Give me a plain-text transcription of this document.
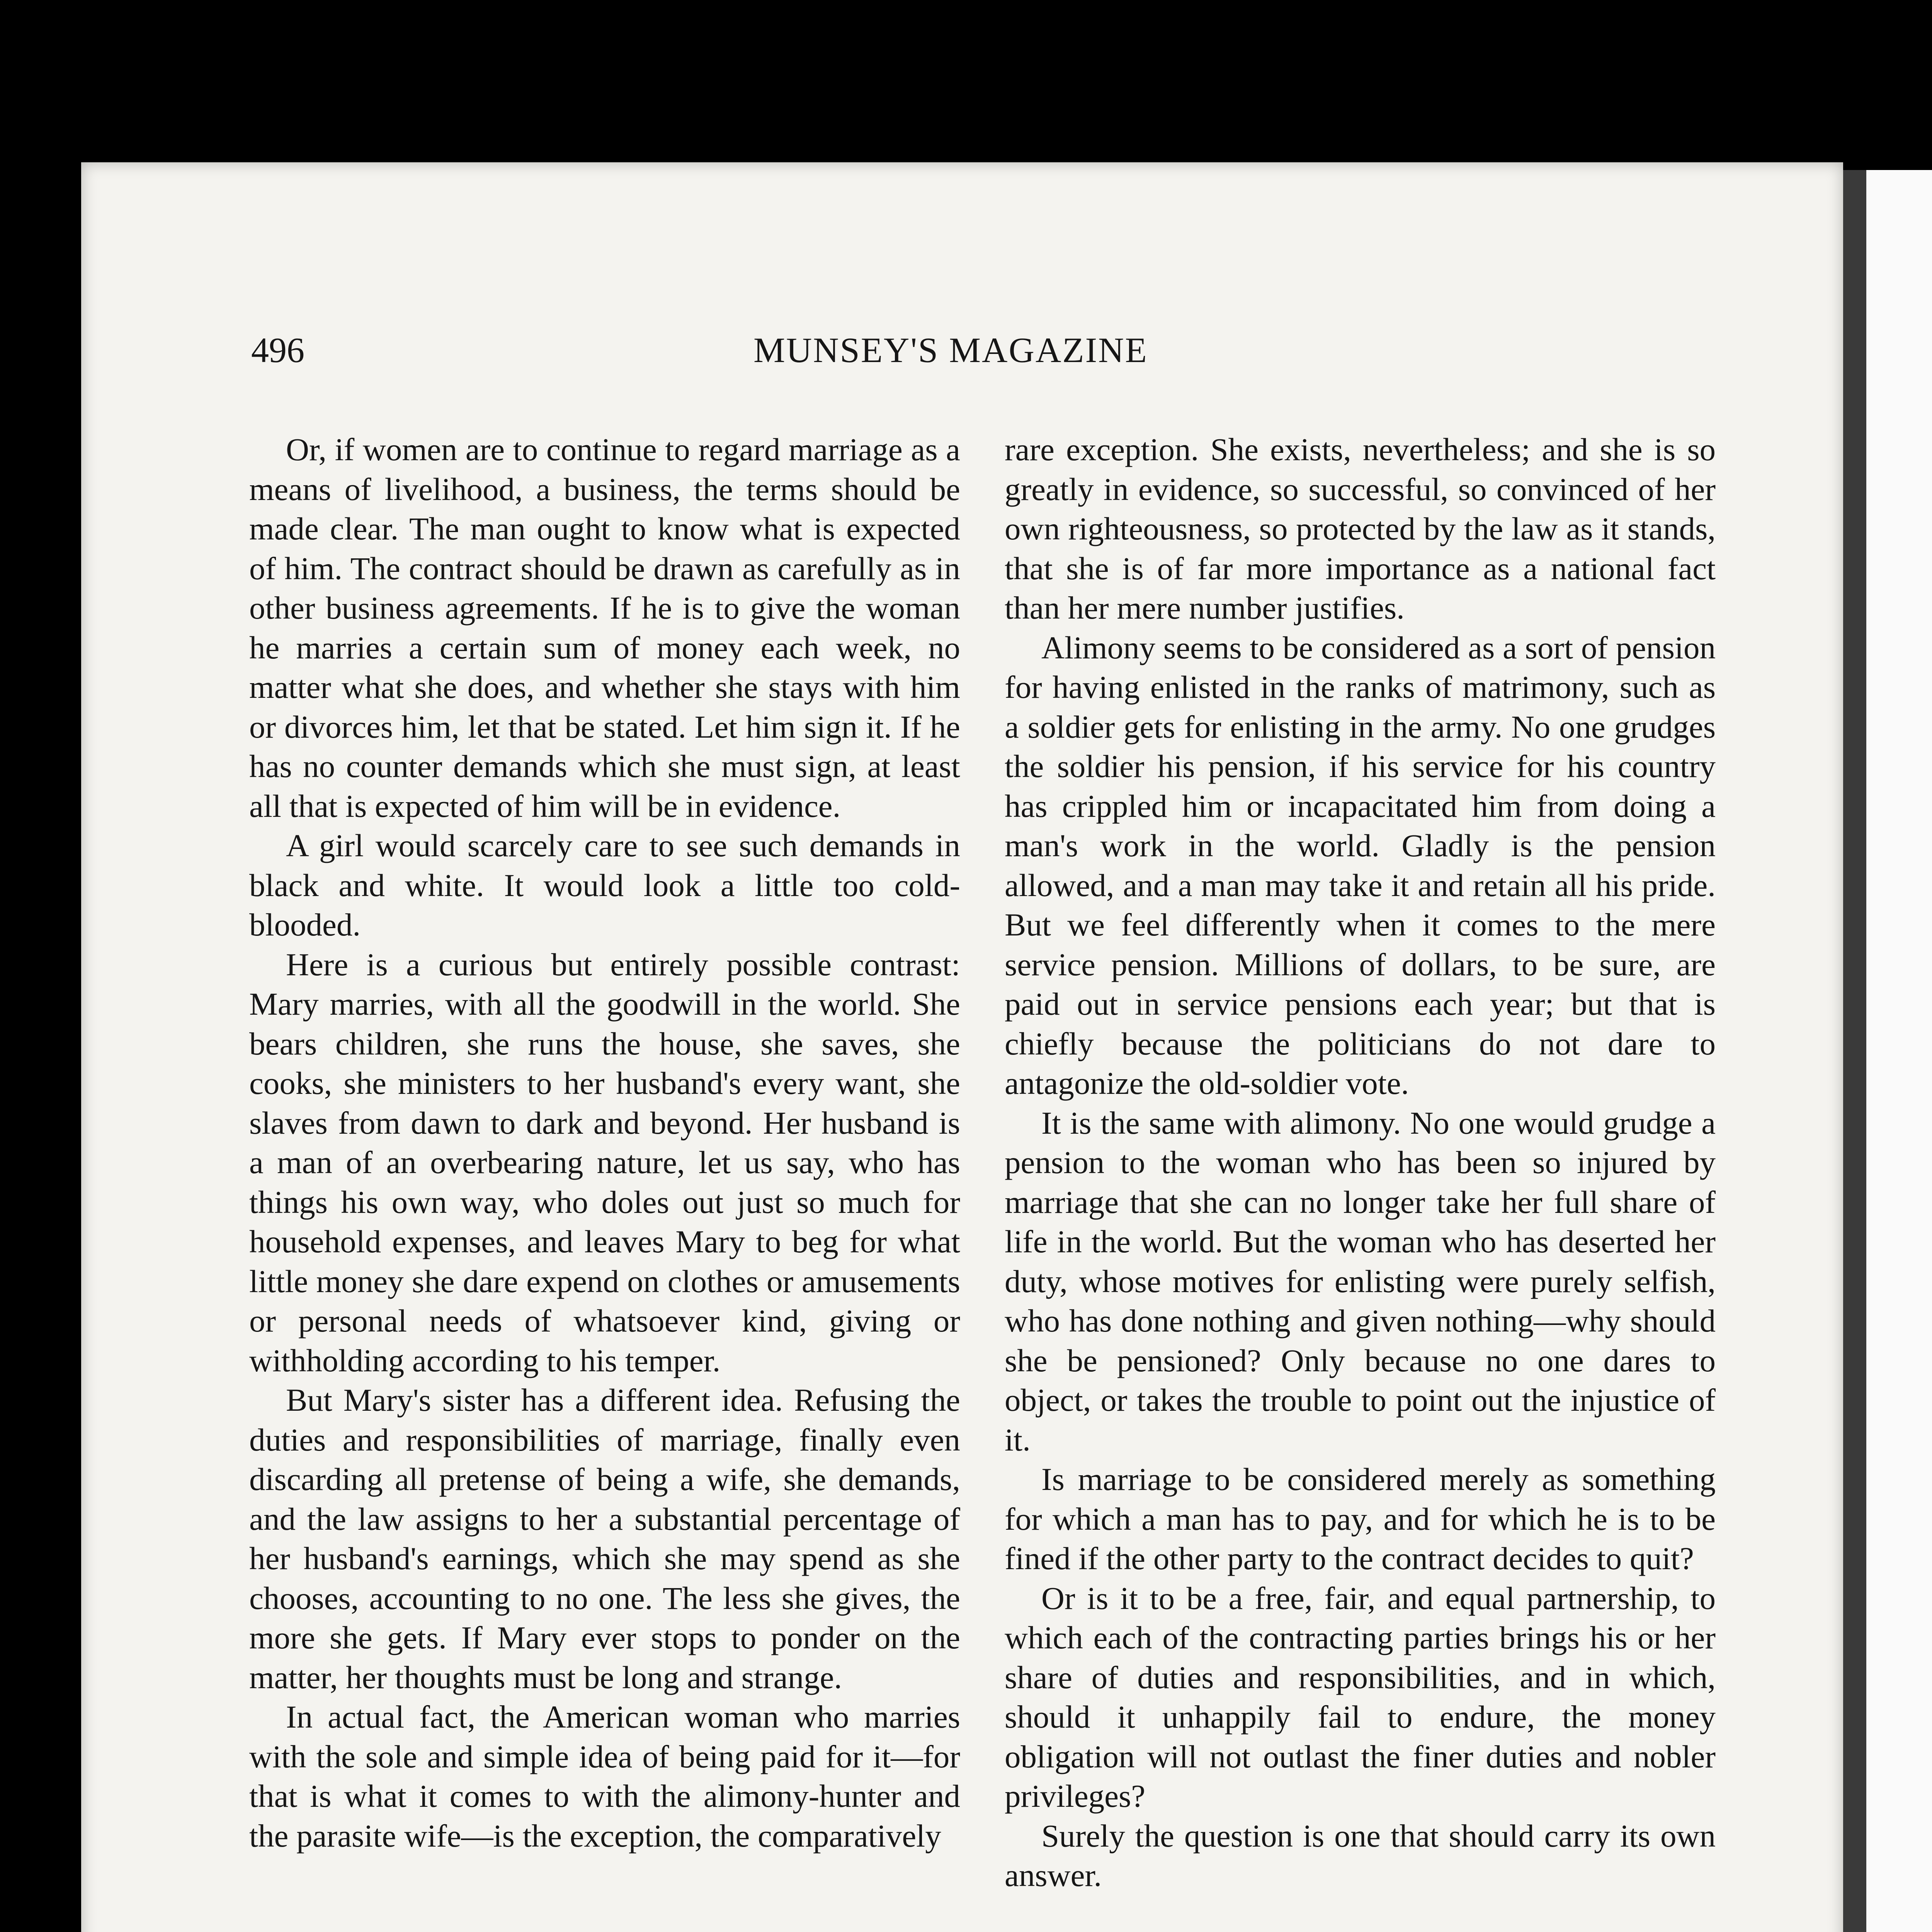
496	MUNSEY'S MAGAZINE

Or, if women are to continue to regard marriage as a means of livelihood, a business, the terms should be made clear. The man ought to know what is expected of him. The contract should be drawn as carefully as in other business agreements. If he is to give the woman he marries a certain sum of money each week, no matter what she does, and whether she stays with him or divorces him, let that be stated. Let him sign it. If he has no counter demands which she must sign, at least all that is expected of him will be in evidence.

A girl would scarcely care to see such demands in black and white. It would look a little too cold-blooded.

Here is a curious but entirely possible contrast: Mary marries, with all the goodwill in the world. She bears children, she runs the house, she saves, she cooks, she ministers to her husband's every want, she slaves from dawn to dark and beyond. Her husband is a man of an overbearing nature, let us say, who has things his own way, who doles out just so much for household expenses, and leaves Mary to beg for what little money she dare expend on clothes or amusements or personal needs of whatsoever kind, giving or withholding according to his temper.

But Mary's sister has a different idea. Refusing the duties and responsibilities of marriage, finally even discarding all pretense of being a wife, she demands, and the law assigns to her a substantial percentage of her husband's earnings, which she may spend as she chooses, accounting to no one. The less she gives, the more she gets. If Mary ever stops to ponder on the matter, her thoughts must be long and strange.

In actual fact, the American woman who marries with the sole and simple idea of being paid for it—for that is what it comes to with the alimony-hunter and the parasite wife—is the exception, the comparatively

rare exception. She exists, nevertheless; and she is so greatly in evidence, so successful, so convinced of her own righteousness, so protected by the law as it stands, that she is of far more importance as a national fact than her mere number justifies.

Alimony seems to be considered as a sort of pension for having enlisted in the ranks of matrimony, such as a soldier gets for enlisting in the army. No one grudges the soldier his pension, if his service for his country has crippled him or incapacitated him from doing a man's work in the world. Gladly is the pension allowed, and a man may take it and retain all his pride. But we feel differently when it comes to the mere service pension. Millions of dollars, to be sure, are paid out in service pensions each year; but that is chiefly because the politicians do not dare to antagonize the old-soldier vote.

It is the same with alimony. No one would grudge a pension to the woman who has been so injured by marriage that she can no longer take her full share of life in the world. But the woman who has deserted her duty, whose motives for enlisting were purely selfish, who has done nothing and given nothing—why should she be pensioned? Only because no one dares to object, or takes the trouble to point out the injustice of it.

Is marriage to be considered merely as something for which a man has to pay, and for which he is to be fined if the other party to the contract decides to quit?

Or is it to be a free, fair, and equal partnership, to which each of the contracting parties brings his or her share of duties and responsibilities, and in which, should it unhappily fail to endure, the money obligation will not outlast the finer duties and nobler privileges?

Surely the question is one that should carry its own answer.
